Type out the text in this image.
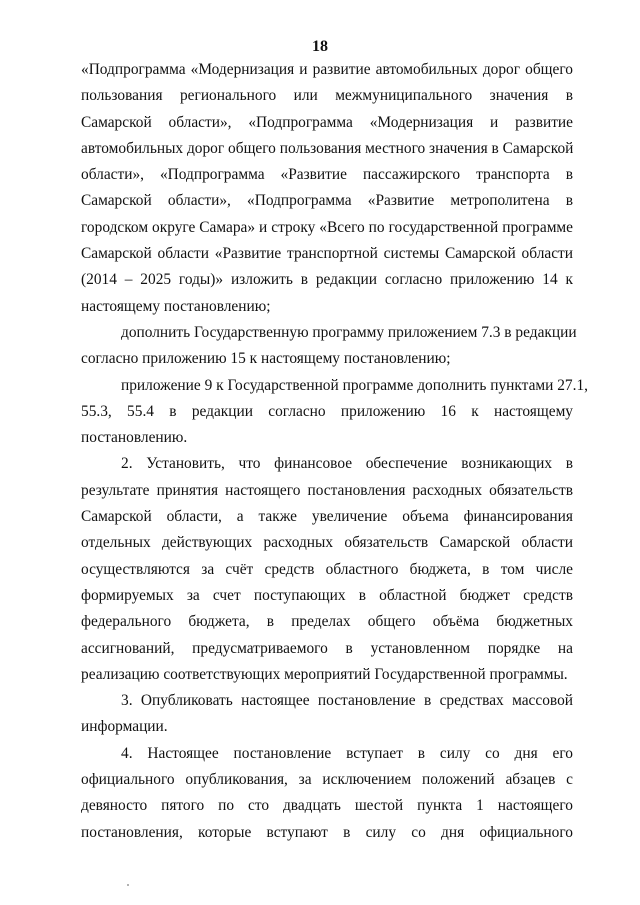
18
«Подпрограмма «Модернизация и развитие автомобильных дорог общего
пользования регионального или межмуниципального значения в
Самарской области», «Подпрограмма «Модернизация и развитие
автомобильных дорог общего пользования местного значения в Самарской
области», «Подпрограмма «Развитие пассажирского транспорта в
Самарской области», «Подпрограмма «Развитие метрополитена в
городском округе Самара» и строку «Всего по государственной программе
Самарской области «Развитие транспортной системы Самарской области
(2014 – 2025 годы)» изложить в редакции согласно приложению 14 к
настоящему постановлению;
дополнить Государственную программу приложением 7.3 в редакции
согласно приложению 15 к настоящему постановлению;
приложение 9 к Государственной программе дополнить пунктами 27.1,
55.3, 55.4 в редакции согласно приложению 16 к настоящему
постановлению.
2. Установить, что финансовое обеспечение возникающих в
результате принятия настоящего постановления расходных обязательств
Самарской области, а также увеличение объема финансирования
отдельных действующих расходных обязательств Самарской области
осуществляются за счёт средств областного бюджета, в том числе
формируемых за счет поступающих в областной бюджет средств
федерального бюджета, в пределах общего объёма бюджетных
ассигнований, предусматриваемого в установленном порядке на
реализацию соответствующих мероприятий Государственной программы.
3. Опубликовать настоящее постановление в средствах массовой
информации.
4. Настоящее постановление вступает в силу со дня его
официального опубликования, за исключением положений абзацев с
девяносто пятого по сто двадцать шестой пункта 1 настоящего
постановления, которые вступают в силу со дня официального
